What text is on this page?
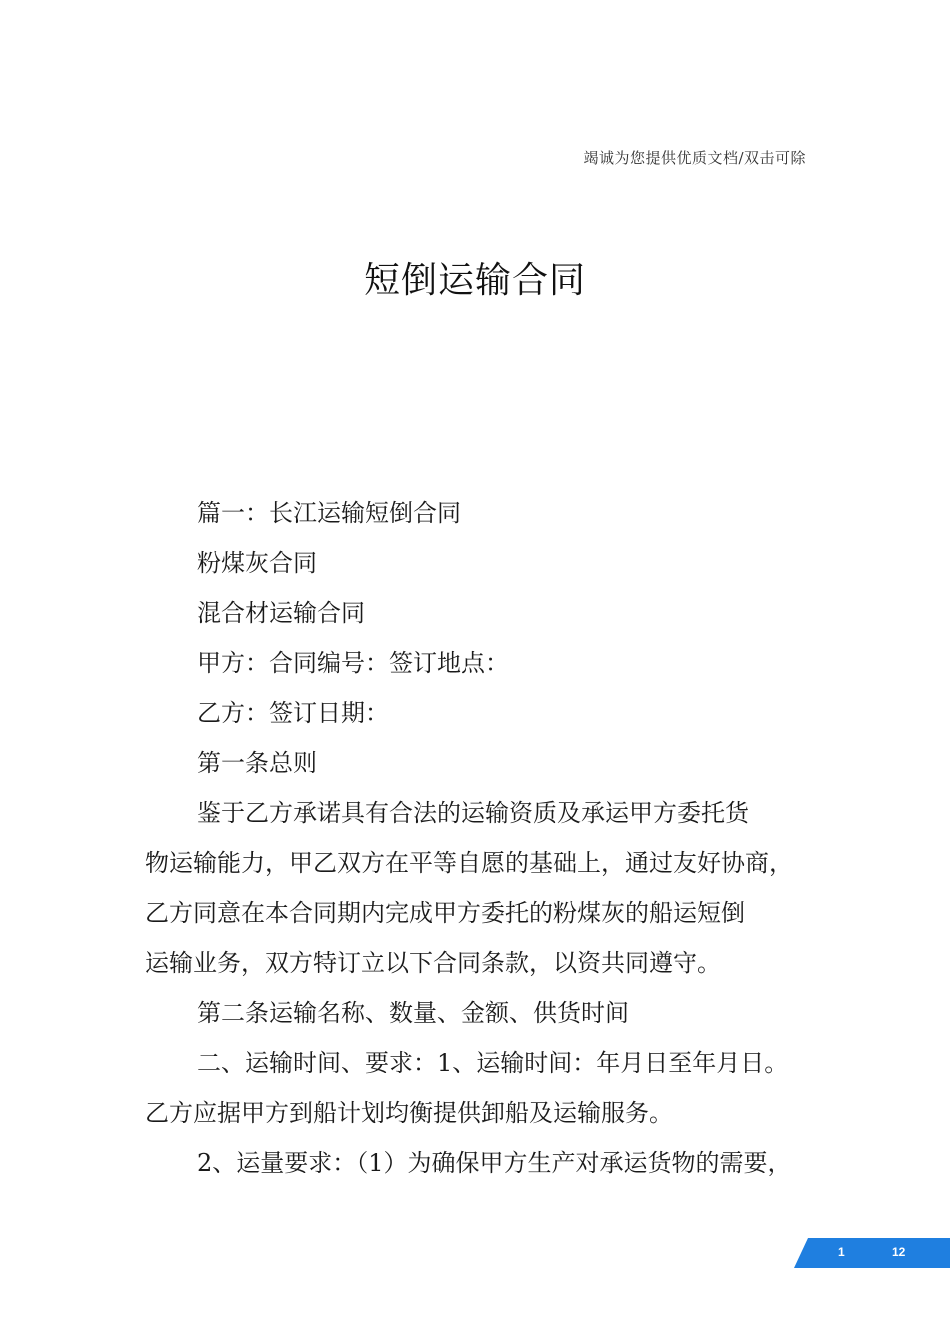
竭诚为您提供优质文档/双击可除
短倒运输合同

篇一：长江运输短倒合同

粉煤灰合同

混合材运输合同

甲方：合同编号：签订地点：

乙方：签订日期：

第一条总则

鉴于乙方承诺具有合法的运输资质及承运甲方委托货

物运输能力，甲乙双方在平等自愿的基础上，通过友好协商，

乙方同意在本合同期内完成甲方委托的粉煤灰的船运短倒

运输业务，双方特订立以下合同条款，以资共同遵守。

第二条运输名称、数量、金额、供货时间

二、运输时间、要求：1、运输时间：年月日至年月日。

乙方应据甲方到船计划均衡提供卸船及运输服务。

2、运量要求：（1）为确保甲方生产对承运货物的需要，

1	12
